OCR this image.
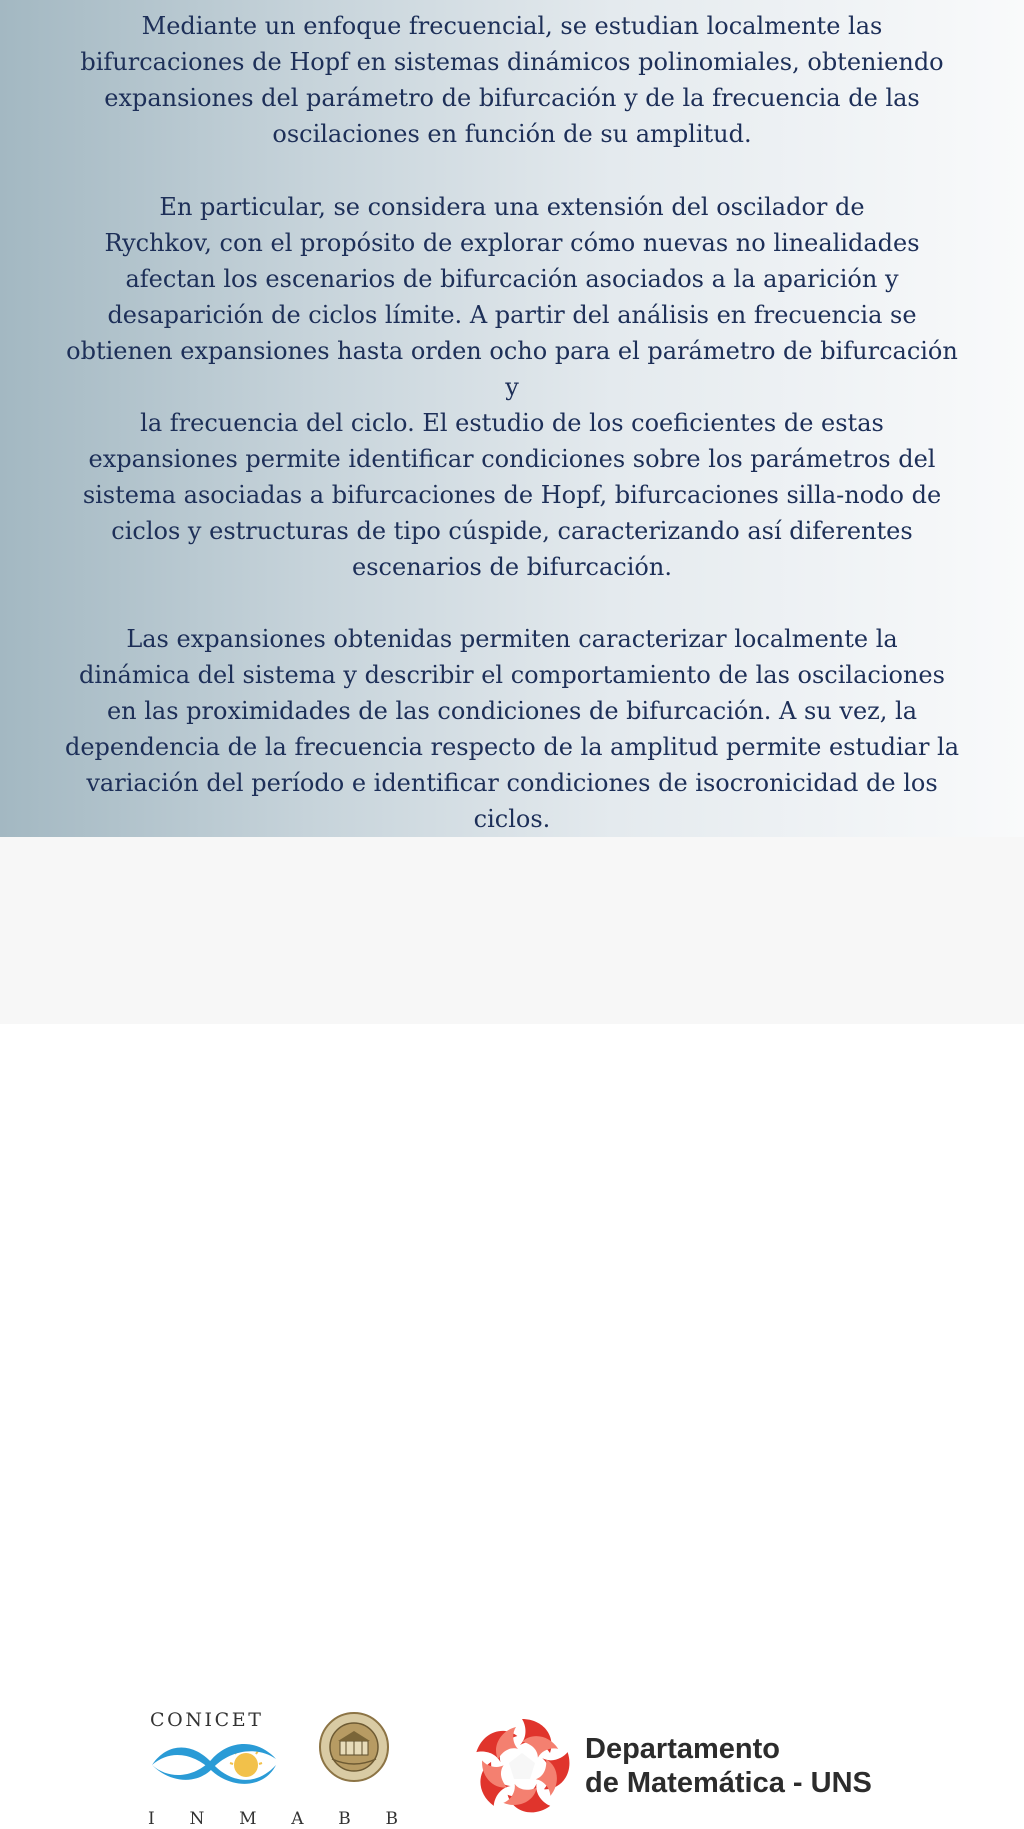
Mediante un enfoque frecuencial, se estudian localmente las
bifurcaciones de Hopf en sistemas dinámicos polinomiales, obteniendo
expansiones del parámetro de bifurcación y de la frecuencia de las
oscilaciones en función de su amplitud.

En particular, se considera una extensión del oscilador de
Rychkov, con el propósito de explorar cómo nuevas no linealidades
afectan los escenarios de bifurcación asociados a la aparición y
desaparición de ciclos límite. A partir del análisis en frecuencia se
obtienen expansiones hasta orden ocho para el parámetro de bifurcación
y
la frecuencia del ciclo. El estudio de los coeficientes de estas
expansiones permite identificar condiciones sobre los parámetros del
sistema asociadas a bifurcaciones de Hopf, bifurcaciones silla-nodo de
ciclos y estructuras de tipo cúspide, caracterizando así diferentes
escenarios de bifurcación.

Las expansiones obtenidas permiten caracterizar localmente la
dinámica del sistema y describir el comportamiento de las oscilaciones
en las proximidades de las condiciones de bifurcación. A su vez, la
dependencia de la frecuencia respecto de la amplitud permite estudiar la
variación del período e identificar condiciones de isocronicidad de los
ciclos.

CONICET
I N M A B B
Departamento
de Matemática - UNS
